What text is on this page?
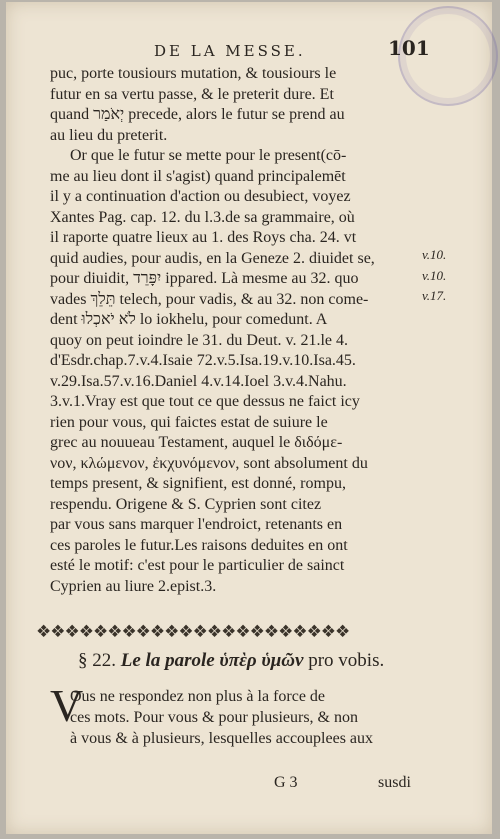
DE LA MESSE.	101
puc, porte tousiours mutation, & tousiours le
futur en sa vertu passe, & le preterit dure. Et
quand יְאֹמַר precede, alors le futur se prend au
au lieu du preterit.
Or que le futur se mette pour le present(cō-
me au lieu dont il s'agist) quand principalemēt
il y a continuation d'action ou desubiect, voyez
Xantes Pag. cap. 12. du l.3.de sa grammaire, où
il raporte quatre lieux au 1. des Roys cha. 24. vt
quid audies, pour audis, en la Geneze 2. diuidet se,
pour diuidit, יִפָּרֵד ippared. Là mesme au 32. quo
vades תֵּלֵךְ telech, pour vadis, & au 32. non come-
dent לֹא יֹאכְלוּ lo iokhelu, pour comedunt. A
quoy on peut ioindre le 31. du Deut. v. 21.le 4.
d'Esdr.chap.7.v.4.Isaie 72.v.5.Isa.19.v.10.Isa.45.
v.29.Isa.57.v.16.Daniel 4.v.14.Ioel 3.v.4.Nahu.
3.v.1.Vray est que tout ce que dessus ne faict icy
rien pour vous, qui faictes estat de suiure le
grec au nouueau Testament, auquel le διδόμε-
νον, κλώμενον, ἐκχυνόμενον, sont absolument du
temps present, & signifient, est donné, rompu,
respendu. Origene & S. Cyprien sont citez
par vous sans marquer l'endroict, retenants en
ces paroles le futur.Les raisons deduites en ont
esté le motif: c'est pour le particulier de sainct
Cyprien au liure 2.epist.3.
v.10.
v.10.
v.17.
❖❖❖❖❖❖❖❖❖❖❖❖❖❖❖❖❖❖❖❖❖❖
§ 22. Le la parole ὑπὲρ ὑμῶν pro vobis.
V
Ous ne respondez non plus à la force de
ces mots. Pour vous & pour plusieurs, & non
à vous & à plusieurs, lesquelles accouplees aux
G 3	susdi
